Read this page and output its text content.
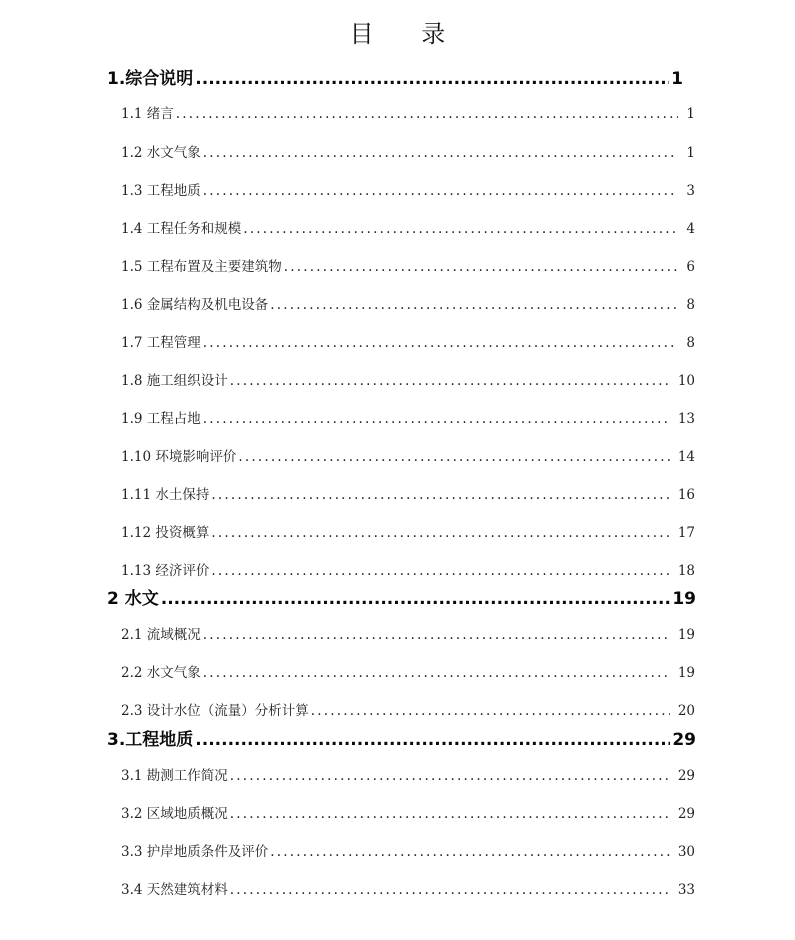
目 录
1.综合说明 .....	1
1.1 绪言 .....	1
1.2 水文气象 .....	1
1.3 工程地质 .....	3
1.4 工程任务和规模 .....	4
1.5 工程布置及主要建筑物 .....	6
1.6 金属结构及机电设备 .....	8
1.7 工程管理 .....	8
1.8 施工组织设计 .....	10
1.9 工程占地 .....	13
1.10 环境影响评价 .....	14
1.11 水土保持 .....	16
1.12 投资概算 .....	17
1.13 经济评价 .....	18
2 水文 .....	19
2.1 流域概况 .....	19
2.2 水文气象 .....	19
2.3 设计水位（流量）分析计算 .....	20
3.工程地质 .....	29
3.1 勘测工作简况 .....	29
3.2 区域地质概况 .....	29
3.3 护岸地质条件及评价 .....	30
3.4 天然建筑材料 .....	33
